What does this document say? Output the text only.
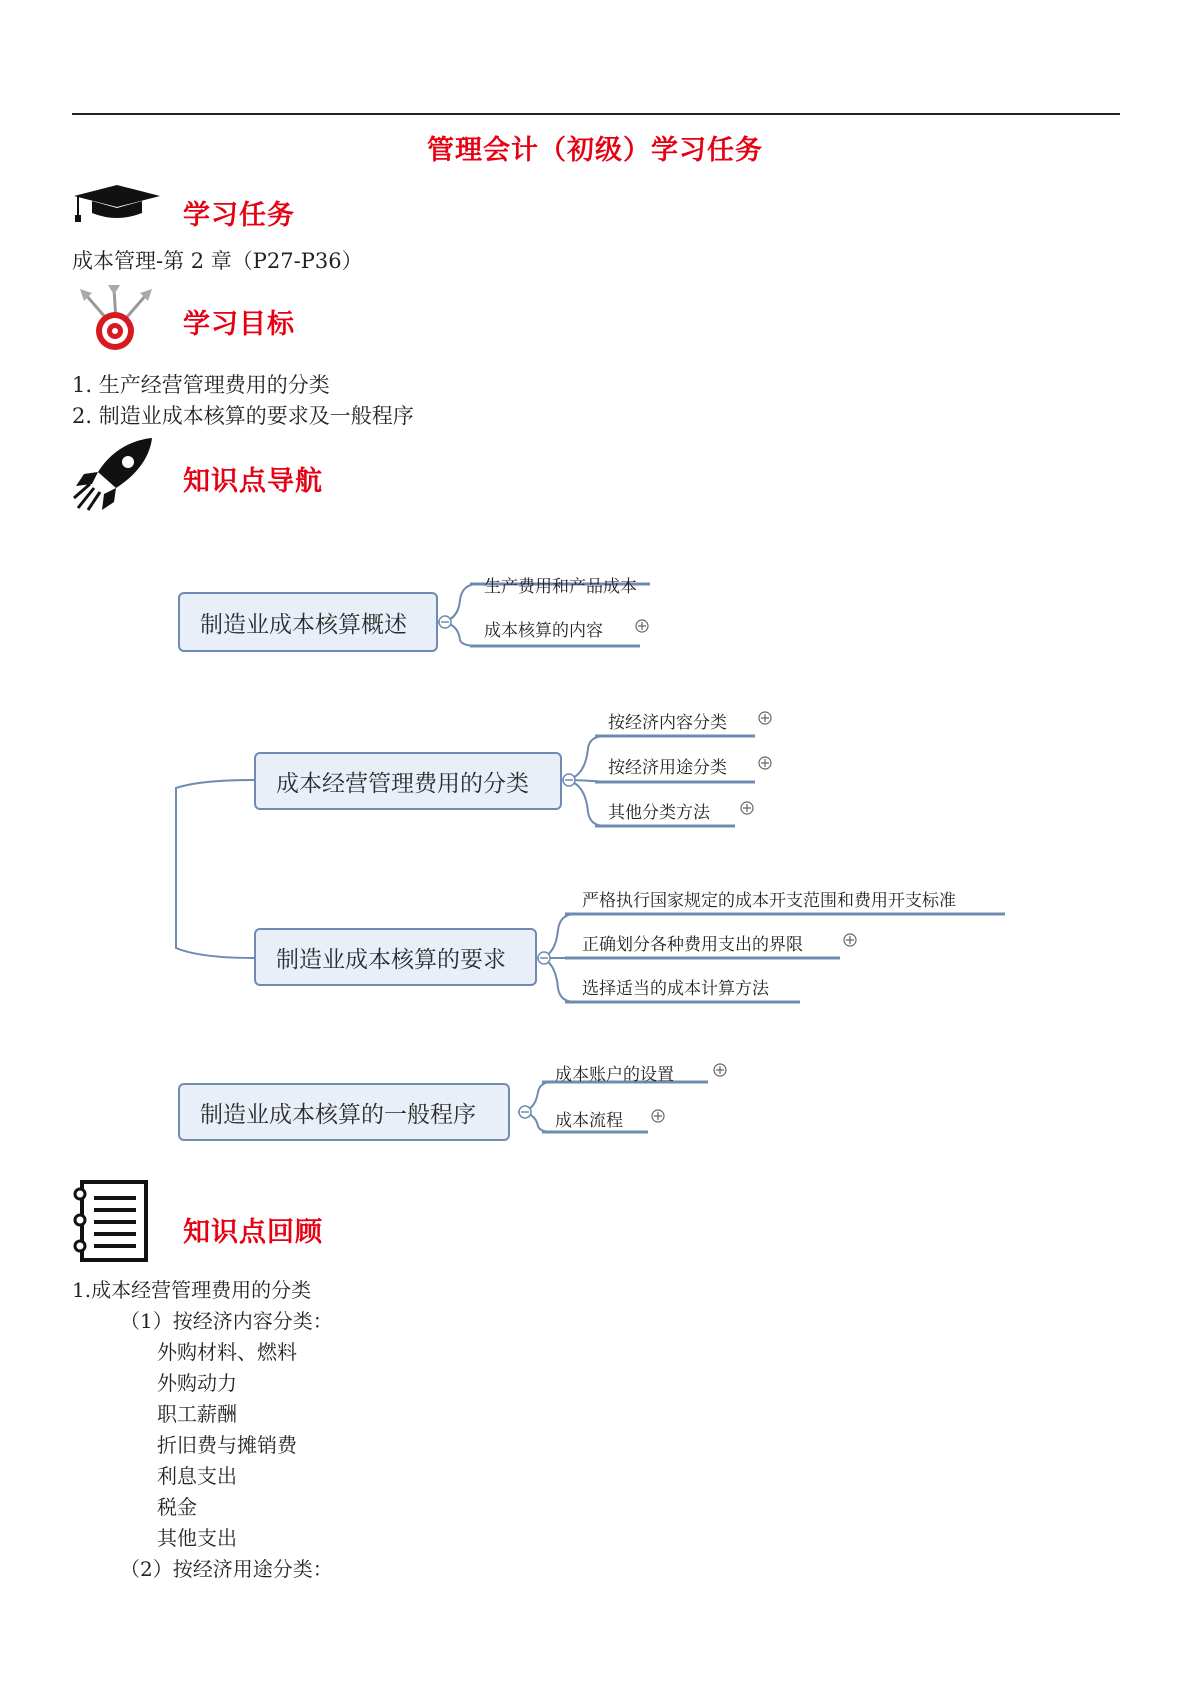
管理会计（初级）学习任务
学习任务
成本管理-第 2 章（P27-P36）
学习目标
1. 生产经营管理费用的分类
2. 制造业成本核算的要求及一般程序
知识点导航
制造业成本核算概述
生产费用和产品成本
成本核算的内容
成本经营管理费用的分类
按经济内容分类
按经济用途分类
其他分类方法
制造业成本核算的要求
严格执行国家规定的成本开支范围和费用开支标准
正确划分各种费用支出的界限
选择适当的成本计算方法
制造业成本核算的一般程序
成本账户的设置
成本流程
知识点回顾
1.成本经营管理费用的分类
（1）按经济内容分类：
外购材料、燃料
外购动力
职工薪酬
折旧费与摊销费
利息支出
税金
其他支出
（2）按经济用途分类：
